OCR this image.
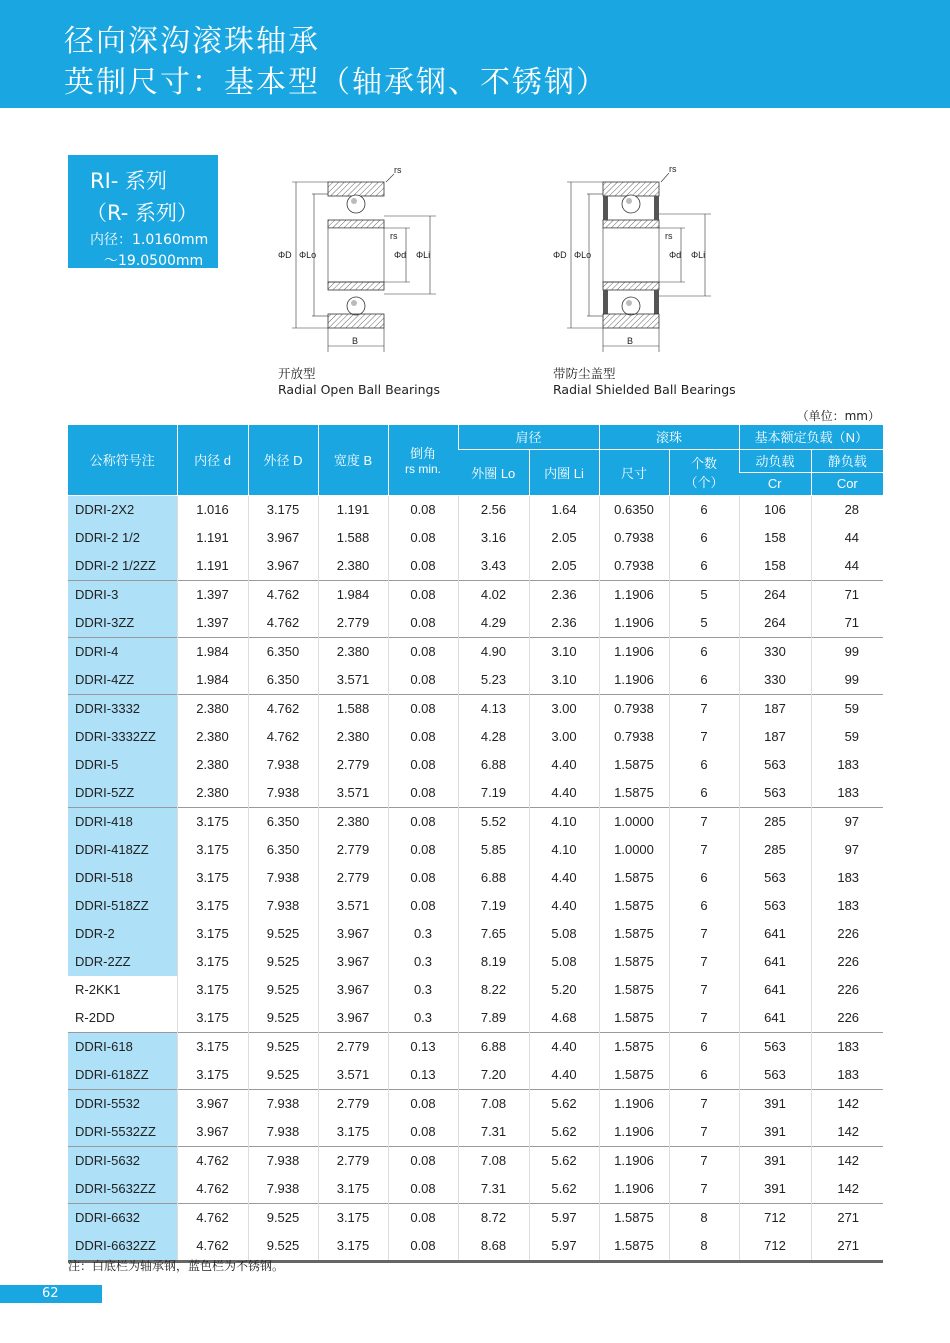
径向深沟滚珠轴承
英制尺寸：基本型（轴承钢、不锈钢）
RI- 系列
（R- 系列）
内径：1.0160mm
～19.0500mm
rs
rs
ΦD ΦLo	Φd ΦLi
B
开放型
Radial Open Ball Bearings
rs
rs
ΦD ΦLo	Φd ΦLi
B
带防尘盖型
Radial Shielded Ball Bearings
（单位：mm）
公称符号注	内径 d	外径 D	宽度 B	倒角
rs min.	肩径		滚珠		基本额定负载（N）	
					外圈 Lo	内圈 Li	尺寸	个数
（个）	动负载	静负载
									Cr	Cor
DDRI-2X2	1.016	3.175	1.191	0.08	2.56	1.64	0.6350	6	106	28
DDRI-2 1/2	1.191	3.967	1.588	0.08	3.16	2.05	0.7938	6	158	44
DDRI-2 1/2ZZ	1.191	3.967	2.380	0.08	3.43	2.05	0.7938	6	158	44
DDRI-3	1.397	4.762	1.984	0.08	4.02	2.36	1.1906	5	264	71
DDRI-3ZZ	1.397	4.762	2.779	0.08	4.29	2.36	1.1906	5	264	71
DDRI-4	1.984	6.350	2.380	0.08	4.90	3.10	1.1906	6	330	99
DDRI-4ZZ	1.984	6.350	3.571	0.08	5.23	3.10	1.1906	6	330	99
DDRI-3332	2.380	4.762	1.588	0.08	4.13	3.00	0.7938	7	187	59
DDRI-3332ZZ	2.380	4.762	2.380	0.08	4.28	3.00	0.7938	7	187	59
DDRI-5	2.380	7.938	2.779	0.08	6.88	4.40	1.5875	6	563	183
DDRI-5ZZ	2.380	7.938	3.571	0.08	7.19	4.40	1.5875	6	563	183
DDRI-418	3.175	6.350	2.380	0.08	5.52	4.10	1.0000	7	285	97
DDRI-418ZZ	3.175	6.350	2.779	0.08	5.85	4.10	1.0000	7	285	97
DDRI-518	3.175	7.938	2.779	0.08	6.88	4.40	1.5875	6	563	183
DDRI-518ZZ	3.175	7.938	3.571	0.08	7.19	4.40	1.5875	6	563	183
DDR-2	3.175	9.525	3.967	0.3	7.65	5.08	1.5875	7	641	226
DDR-2ZZ	3.175	9.525	3.967	0.3	8.19	5.08	1.5875	7	641	226
R-2KK1	3.175	9.525	3.967	0.3	8.22	5.20	1.5875	7	641	226
R-2DD	3.175	9.525	3.967	0.3	7.89	4.68	1.5875	7	641	226
DDRI-618	3.175	9.525	2.779	0.13	6.88	4.40	1.5875	6	563	183
DDRI-618ZZ	3.175	9.525	3.571	0.13	7.20	4.40	1.5875	6	563	183
DDRI-5532	3.967	7.938	2.779	0.08	7.08	5.62	1.1906	7	391	142
DDRI-5532ZZ	3.967	7.938	3.175	0.08	7.31	5.62	1.1906	7	391	142
DDRI-5632	4.762	7.938	2.779	0.08	7.08	5.62	1.1906	7	391	142
DDRI-5632ZZ	4.762	7.938	3.175	0.08	7.31	5.62	1.1906	7	391	142
DDRI-6632	4.762	9.525	3.175	0.08	8.72	5.97	1.5875	8	712	271
DDRI-6632ZZ	4.762	9.525	3.175	0.08	8.68	5.97	1.5875	8	712	271
注：白底栏为轴承钢，蓝色栏为不锈钢。
62
